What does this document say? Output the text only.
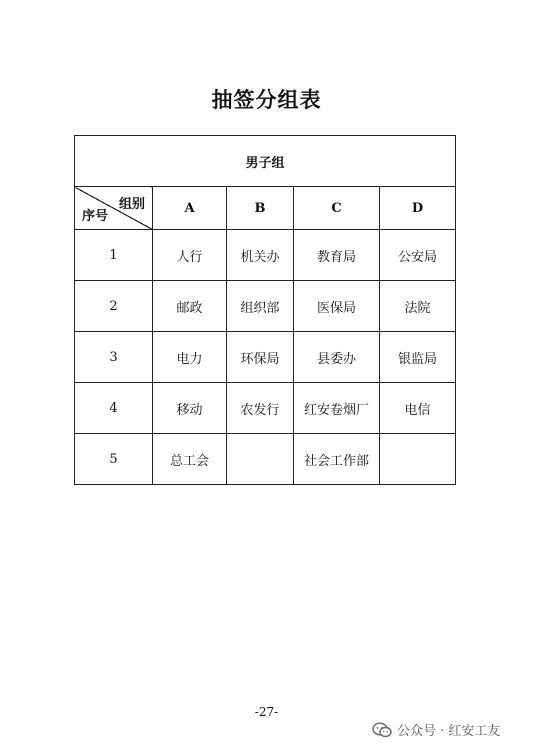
抽签分组表
男子组				

组别
序号	A	B	C	D
1	人行	机关办	教育局	公安局
2	邮政	组织部	医保局	法院
3	电力	环保局	县委办	银监局
4	移动	农发行	红安卷烟厂	电信
5	总工会		社会工作部	
-27-
公众号 · 红安工友
